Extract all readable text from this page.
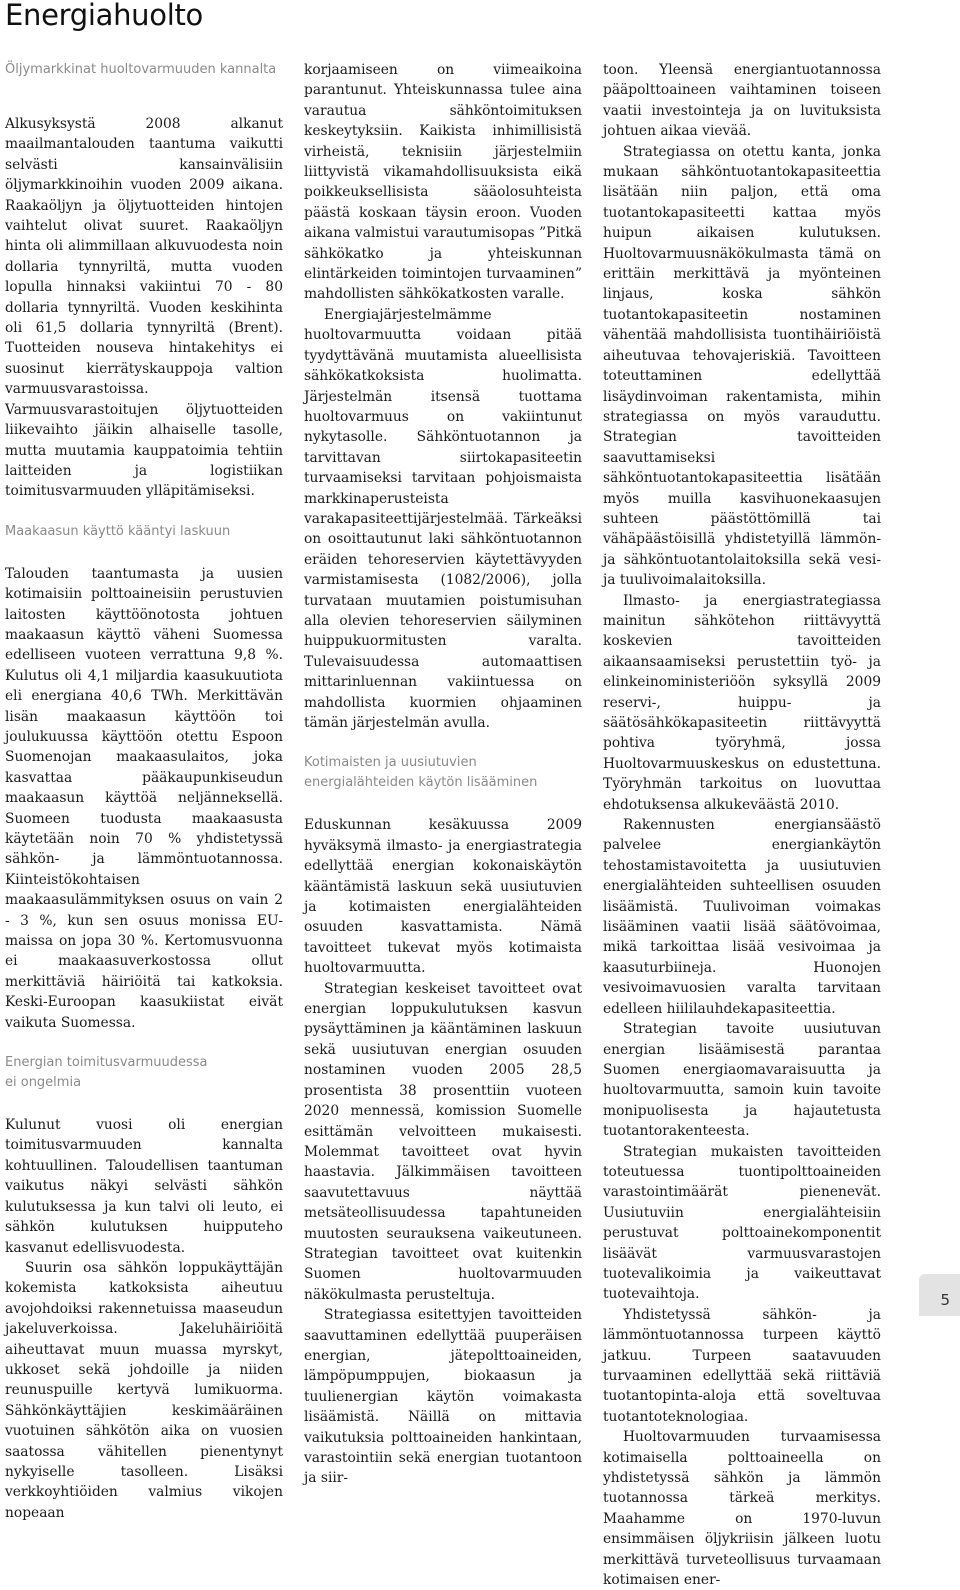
Energiahuolto
Öljymarkkinat huoltovarmuuden kannalta

Alkusyksystä 2008 alkanut maailmantalouden taantuma vaikutti selvästi kansainvälisiin öljymarkkinoihin vuoden 2009 aikana. Raakaöljyn ja öljytuotteiden hintojen vaihtelut olivat suuret. Raakaöljyn hinta oli alimmillaan alkuvuodesta noin dollaria tynnyriltä, mutta vuoden lopulla hinnaksi vakiintui 70 - 80 dollaria tynnyriltä. Vuoden keskihinta oli 61,5 dollaria tynnyriltä (Brent). Tuotteiden nouseva hintakehitys ei suosinut kierrätyskauppoja valtion varmuusvarastoissa. Varmuusvarastoitujen öljytuotteiden liikevaihto jäikin alhaiselle tasolle, mutta muutamia kauppatoimia tehtiin laitteiden ja logistiikan toimitusvarmuuden ylläpitämiseksi.

Maakaasun käyttö kääntyi laskuun

Talouden taantumasta ja uusien kotimaisiin polttoaineisiin perustuvien laitosten käyttöönotosta johtuen maakaasun käyttö väheni Suomessa edelliseen vuoteen verrattuna 9,8 %. Kulutus oli 4,1 miljardia kaasukuutiota eli energiana 40,6 TWh. Merkittävän lisän maakaasun käyttöön toi joulukuussa käyttöön otettu Espoon Suomenojan maakaasulaitos, joka kasvattaa pääkaupunkiseudun maakaasun käyttöä neljänneksellä. Suomeen tuodusta maakaasusta käytetään noin 70 % yhdistetyssä sähkön- ja lämmöntuotannossa. Kiinteistökohtaisen maakaasulämmityksen osuus on vain 2 - 3 %, kun sen osuus monissa EU-maissa on jopa 30 %. Kertomusvuonna ei maakaasuverkostossa ollut merkittäviä häiriöitä tai katkoksia. Keski-Euroopan kaasukiistat eivät vaikuta Suomessa.

Energian toimitusvarmuudessa
ei ongelmia

Kulunut vuosi oli energian toimitusvarmuuden kannalta kohtuullinen. Taloudellisen taantuman vaikutus näkyi selvästi sähkön kulutuksessa ja kun talvi oli leuto, ei sähkön kulutuksen huipputeho kasvanut edellisvuodesta.

Suurin osa sähkön loppukäyttäjän kokemista katkoksista aiheutuu avojohdoiksi rakennetuissa maaseudun jakeluverkoissa. Jakeluhäiriöitä aiheuttavat muun muassa myrskyt, ukkoset sekä johdoille ja niiden reunuspuille kertyvä lumikuorma. Sähkönkäyttäjien keskimääräinen vuotuinen sähkötön aika on vuosien saatossa vähitellen pienentynyt nykyiselle tasolleen. Lisäksi verkkoyhtiöiden valmius vikojen nopeaan

korjaamiseen on viimeaikoina parantunut. Yhteiskunnassa tulee aina varautua sähköntoimituksen keskeytyksiin. Kaikista inhimillisistä virheistä, teknisiin järjestelmiin liittyvistä vikamahdollisuuksista eikä poikkeuksellisista sääolosuhteista päästä koskaan täysin eroon. Vuoden aikana valmistui varautumisopas ”Pitkä sähkökatko ja yhteiskunnan elintärkeiden toimintojen turvaaminen” mahdollisten sähkökatkosten varalle.

Energiajärjestelmämme huoltovarmuutta voidaan pitää tyydyttävänä muutamista alueellisista sähkökatkoksista huolimatta. Järjestelmän itsensä tuottama huoltovarmuus on vakiintunut nykytasolle. Sähköntuotannon ja tarvittavan siirtokapasiteetin turvaamiseksi tarvitaan pohjoismaista markkinaperusteista varakapasiteettijärjestelmää. Tärkeäksi on osoittautunut laki sähköntuotannon eräiden tehoreservien käytettävyyden varmistamisesta (1082/2006), jolla turvataan muutamien poistumisuhan alla olevien tehoreservien säilyminen huippukuormitusten varalta. Tulevaisuudessa automaattisen mittarinluennan vakiintuessa on mahdollista kuormien ohjaaminen tämän järjestelmän avulla.

Kotimaisten ja uusiutuvien
energialähteiden käytön lisääminen

Eduskunnan kesäkuussa 2009 hyväksymä ilmasto- ja energiastrategia edellyttää energian kokonaiskäytön kääntämistä laskuun sekä uusiutuvien ja kotimaisten energialähteiden osuuden kasvattamista. Nämä tavoitteet tukevat myös kotimaista huoltovarmuutta.

Strategian keskeiset tavoitteet ovat energian loppukulutuksen kasvun pysäyttäminen ja kääntäminen laskuun sekä uusiutuvan energian osuuden nostaminen vuoden 2005 28,5 prosentista 38 prosenttiin vuoteen 2020 mennessä, komission Suomelle esittämän velvoitteen mukaisesti. Molemmat tavoitteet ovat hyvin haastavia. Jälkimmäisen tavoitteen saavutettavuus näyttää metsäteollisuudessa tapahtuneiden muutosten seurauksena vaikeutuneen. Strategian tavoitteet ovat kuitenkin Suomen huoltovarmuuden näkökulmasta perusteltuja.

Strategiassa esitettyjen tavoitteiden saavuttaminen edellyttää puuperäisen energian, jätepolttoaineiden, lämpöpumppujen, biokaasun ja tuulienergian käytön voimakasta lisäämistä. Näillä on mittavia vaikutuksia polttoaineiden hankintaan, varastointiin sekä energian tuotantoon ja siir-

toon. Yleensä energiantuotannossa pääpolttoaineen vaihtaminen toiseen vaatii investointeja ja on luvituksista johtuen aikaa vievää.

Strategiassa on otettu kanta, jonka mukaan sähköntuotantokapasiteettia lisätään niin paljon, että oma tuotantokapasiteetti kattaa myös huipun aikaisen kulutuksen. Huoltovarmuusnäkökulmasta tämä on erittäin merkittävä ja myönteinen linjaus, koska sähkön tuotantokapasiteetin nostaminen vähentää mahdollisista tuontihäiriöistä aiheutuvaa tehovajeriskiä. Tavoitteen toteuttaminen edellyttää lisäydinvoiman rakentamista, mihin strategiassa on myös varauduttu. Strategian tavoitteiden saavuttamiseksi sähköntuotantokapasiteettia lisätään myös muilla kasvihuonekaasujen suhteen päästöttömillä tai vähäpäästöisillä yhdistetyillä lämmön- ja sähköntuotantolaitoksilla sekä vesi- ja tuulivoimalaitoksilla.

Ilmasto- ja energiastrategiassa mainitun sähkötehon riittävyyttä koskevien tavoitteiden aikaansaamiseksi perustettiin työ- ja elinkeinoministeriöön syksyllä 2009 reservi-, huippu- ja säätösähkökapasiteetin riittävyyttä pohtiva työryhmä, jossa Huoltovarmuuskeskus on edustettuna. Työryhmän tarkoitus on luovuttaa ehdotuksensa alkukeväästä 2010.

Rakennusten energiansäästö palvelee energiankäytön tehostamistavoitetta ja uusiutuvien energialähteiden suhteellisen osuuden lisäämistä. Tuulivoiman voimakas lisääminen vaatii lisää säätövoimaa, mikä tarkoittaa lisää vesivoimaa ja kaasuturbiineja. Huonojen vesivoimavuosien varalta tarvitaan edelleen hiililauhdekapasiteettia.

Strategian tavoite uusiutuvan energian lisäämisestä parantaa Suomen energiaomavaraisuutta ja huoltovarmuutta, samoin kuin tavoite monipuolisesta ja hajautetusta tuotantorakenteesta.

Strategian mukaisten tavoitteiden toteutuessa tuontipolttoaineiden varastointimäärät pienenevät. Uusiutuviin energialähteisiin perustuvat polttoainekomponentit lisäävät varmuusvarastojen tuotevalikoimia ja vaikeuttavat tuotevaihtoja.

Yhdistetyssä sähkön- ja lämmöntuotannossa turpeen käyttö jatkuu. Turpeen saatavuuden turvaaminen edellyttää sekä riittäviä tuotantopinta-aloja että soveltuvaa tuotantoteknologiaa.

Huoltovarmuuden turvaamisessa kotimaisella polttoaineella on yhdistetyssä sähkön ja lämmön tuotannossa tärkeä merkitys. Maahamme on 1970-luvun ensimmäisen öljykriisin jälkeen luotu merkittävä turveteollisuus turvaamaan kotimaisen ener-

5
